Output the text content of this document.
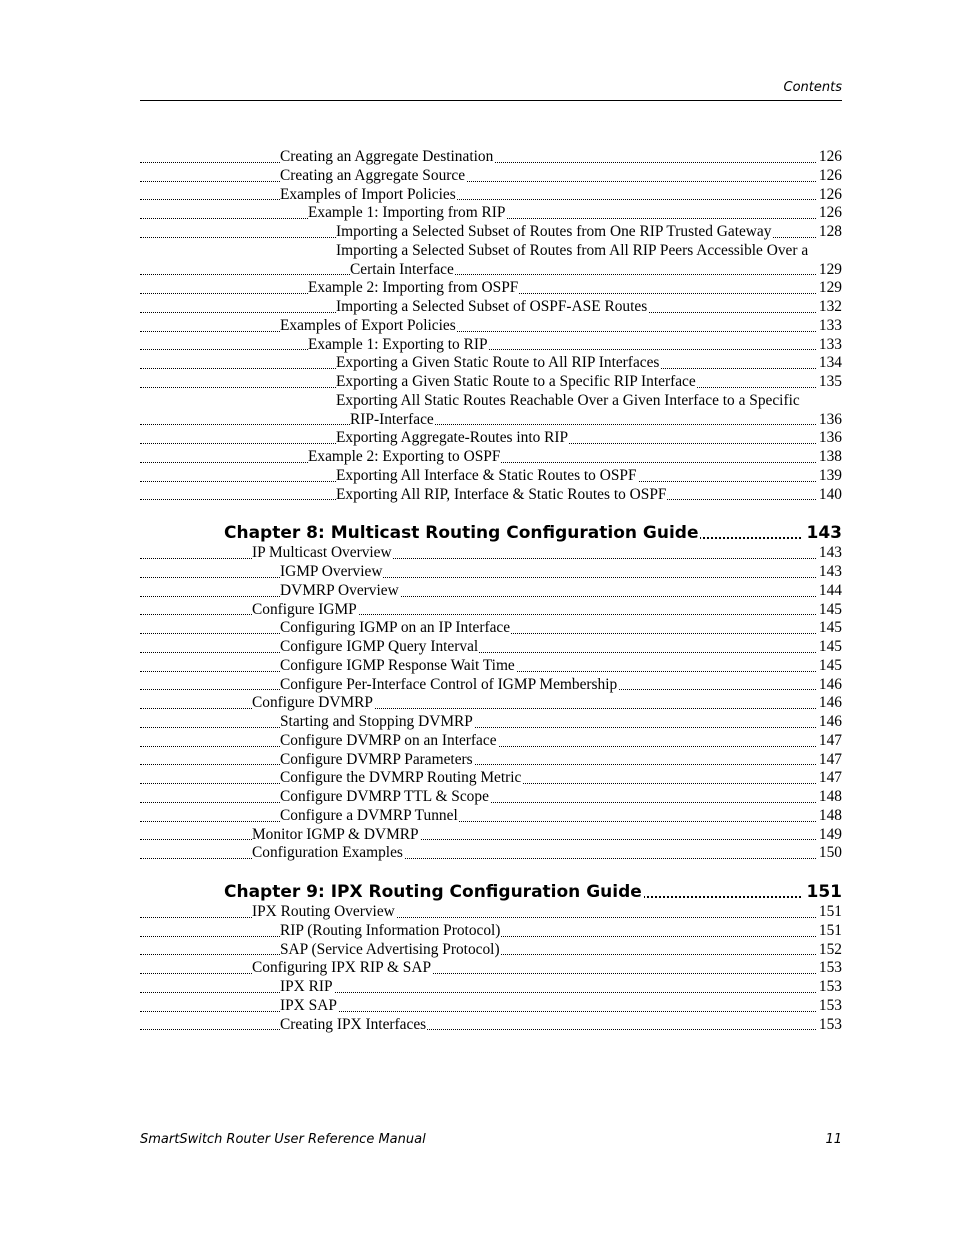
Contents
Creating an Aggregate Destination	126
Creating an Aggregate Source	126
Examples of Import Policies	126
Example 1: Importing from RIP	126
Importing a Selected Subset of Routes from One RIP Trusted Gateway	128
Importing a Selected Subset of Routes from All RIP Peers Accessible Over a Certain Interface	129
Example 2: Importing from OSPF	129
Importing a Selected Subset of OSPF-ASE Routes	132
Examples of Export Policies	133
Example 1: Exporting to RIP	133
Exporting a Given Static Route to All RIP Interfaces	134
Exporting a Given Static Route to a Specific RIP Interface	135
Exporting All Static Routes Reachable Over a Given Interface to a Specific RIP-Interface	136
Exporting Aggregate-Routes into RIP	136
Example 2: Exporting to OSPF	138
Exporting All Interface & Static Routes to OSPF	139
Exporting All RIP, Interface & Static Routes to OSPF	140
Chapter 8: Multicast Routing Configuration Guide	143
IP Multicast Overview	143
IGMP Overview	143
DVMRP Overview	144
Configure IGMP	145
Configuring IGMP on an IP Interface	145
Configure IGMP Query Interval	145
Configure IGMP Response Wait Time	145
Configure Per-Interface Control of IGMP Membership	146
Configure DVMRP	146
Starting and Stopping DVMRP	146
Configure DVMRP on an Interface	147
Configure DVMRP Parameters	147
Configure the DVMRP Routing Metric	147
Configure DVMRP TTL & Scope	148
Configure a DVMRP Tunnel	148
Monitor IGMP & DVMRP	149
Configuration Examples	150
Chapter 9: IPX Routing Configuration Guide	151
IPX Routing Overview	151
RIP (Routing Information Protocol)	151
SAP (Service Advertising Protocol)	152
Configuring IPX RIP & SAP	153
IPX RIP	153
IPX SAP	153
Creating IPX Interfaces	153
SmartSwitch Router User Reference Manual	11
